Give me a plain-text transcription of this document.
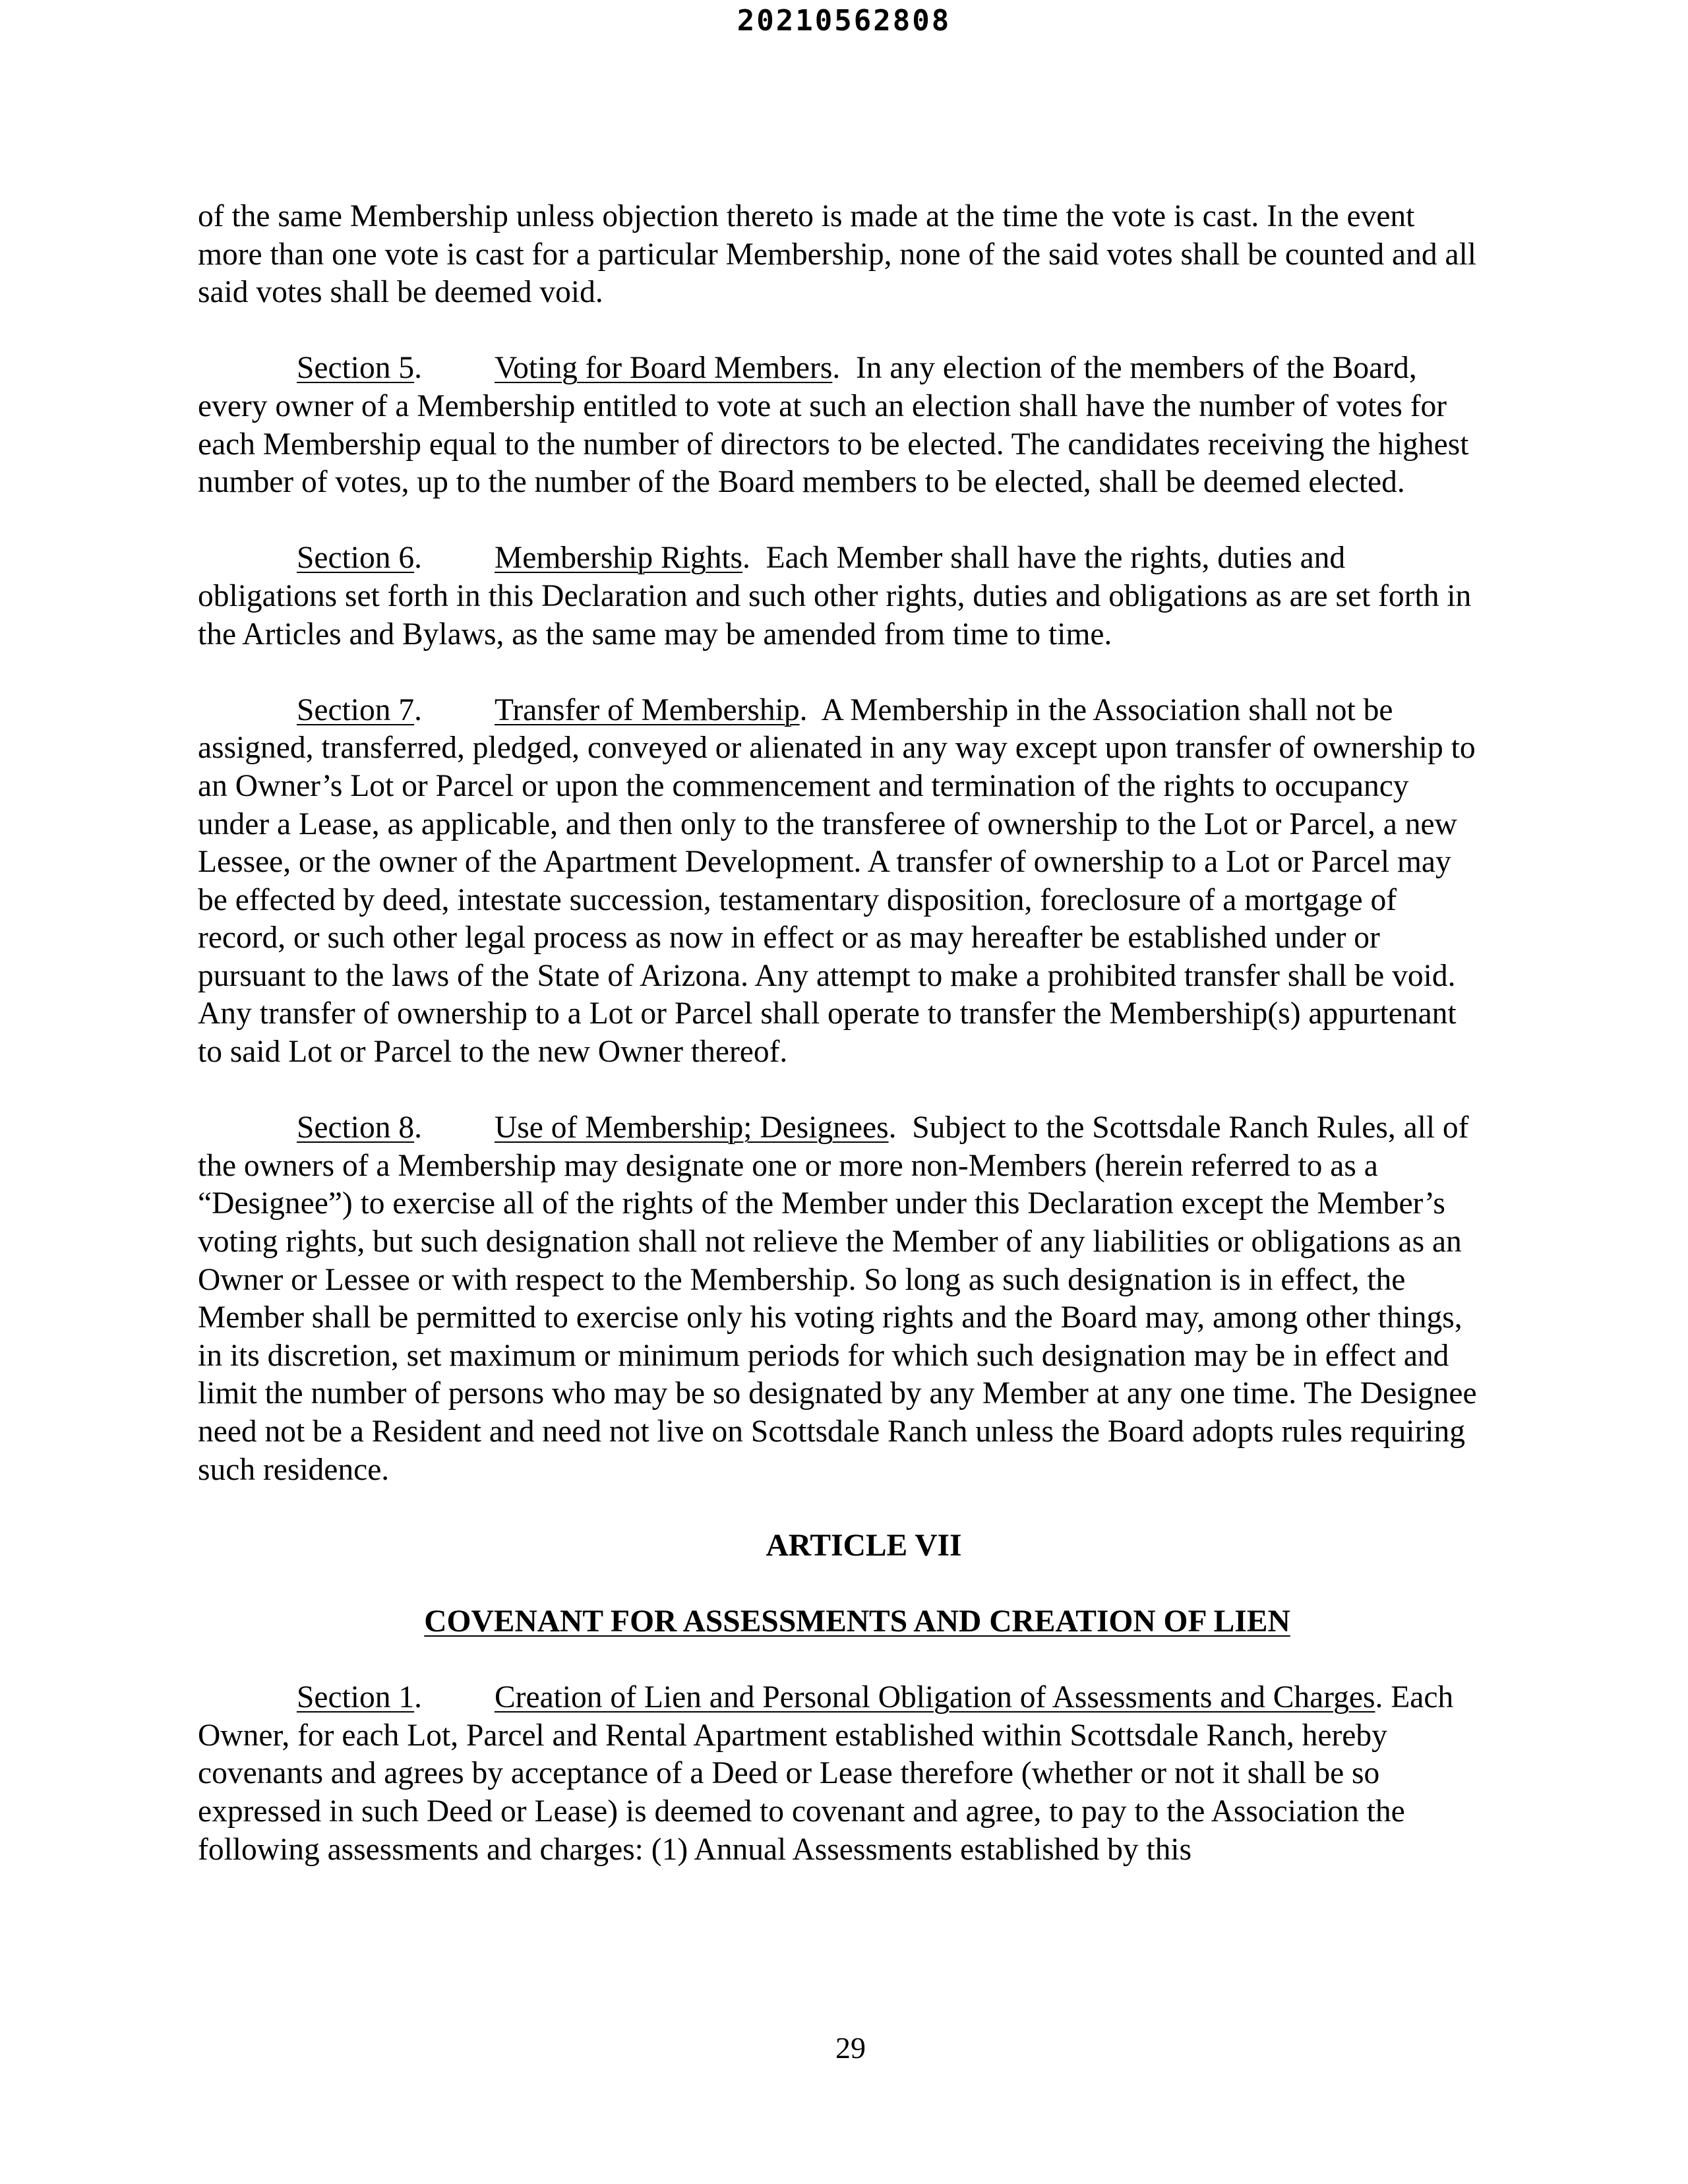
20210562808

of the same Membership unless objection thereto is made at the time the vote is cast. In the event more than one vote is cast for a particular Membership, none of the said votes shall be counted and all said votes shall be deemed void.

Section 5. Voting for Board Members.  In any election of the members of the Board, every owner of a Membership entitled to vote at such an election shall have the number of votes for each Membership equal to the number of directors to be elected. The candidates receiving the highest number of votes, up to the number of the Board members to be elected, shall be deemed elected.

Section 6. Membership Rights.  Each Member shall have the rights, duties and obligations set forth in this Declaration and such other rights, duties and obligations as are set forth in the Articles and Bylaws, as the same may be amended from time to time.

Section 7. Transfer of Membership.  A Membership in the Association shall not be assigned, transferred, pledged, conveyed or alienated in any way except upon transfer of ownership to an Owner’s Lot or Parcel or upon the commencement and termination of the rights to occupancy under a Lease, as applicable, and then only to the transferee of ownership to the Lot or Parcel, a new Lessee, or the owner of the Apartment Development. A transfer of ownership to a Lot or Parcel may be effected by deed, intestate succession, testamentary disposition, foreclosure of a mortgage of record, or such other legal process as now in effect or as may hereafter be established under or pursuant to the laws of the State of Arizona. Any attempt to make a prohibited transfer shall be void. Any transfer of ownership to a Lot or Parcel shall operate to transfer the Membership(s) appurtenant to said Lot or Parcel to the new Owner thereof.

Section 8. Use of Membership; Designees.  Subject to the Scottsdale Ranch Rules, all of the owners of a Membership may designate one or more non-Members (herein referred to as a “Designee”) to exercise all of the rights of the Member under this Declaration except the Member’s voting rights, but such designation shall not relieve the Member of any liabilities or obligations as an Owner or Lessee or with respect to the Membership. So long as such designation is in effect, the Member shall be permitted to exercise only his voting rights and the Board may, among other things, in its discretion, set maximum or minimum periods for which such designation may be in effect and limit the number of persons who may be so designated by any Member at any one time. The Designee need not be a Resident and need not live on Scottsdale Ranch unless the Board adopts rules requiring such residence.

ARTICLE VII
COVENANT FOR ASSESSMENTS AND CREATION OF LIEN

Section 1. Creation of Lien and Personal Obligation of Assessments and Charges. Each Owner, for each Lot, Parcel and Rental Apartment established within Scottsdale Ranch, hereby covenants and agrees by acceptance of a Deed or Lease therefore (whether or not it shall be so expressed in such Deed or Lease) is deemed to covenant and agree, to pay to the Association the following assessments and charges: (1) Annual Assessments established by this

29
